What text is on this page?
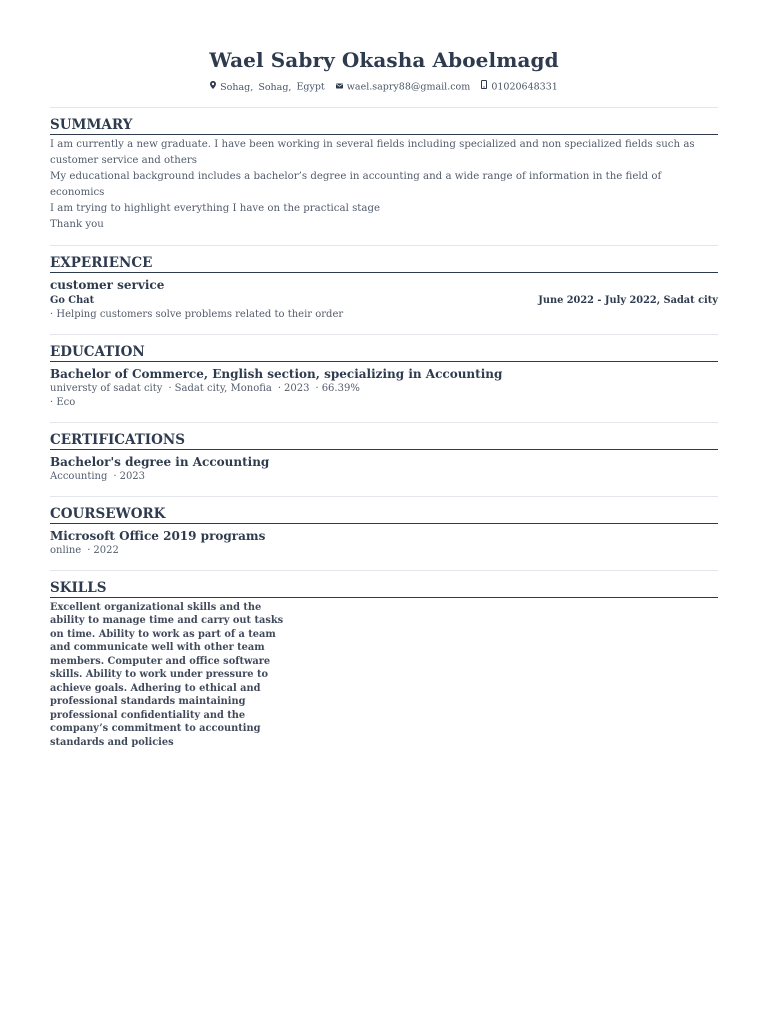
Wael Sabry Okasha Aboelmagd
Sohag, Sohag, Egypt wael.sapry88@gmail.com 01020648331
SUMMARY
I am currently a new graduate. I have been working in several fields including specialized and non specialized fields such as customer service and others
My educational background includes a bachelor’s degree in accounting and a wide range of information in the field of economics
I am trying to highlight everything I have on the practical stage
Thank you
EXPERIENCE
customer service
Go Chat	June 2022 - July 2022, Sadat city
· Helping customers solve problems related to their order
EDUCATION
Bachelor of Commerce, English section, specializing in Accounting
universty of sadat city · Sadat city, Monofia · 2023 · 66.39%
· Eco
CERTIFICATIONS
Bachelor's degree in Accounting
Accounting · 2023
COURSEWORK
Microsoft Office 2019 programs
online · 2022
SKILLS
Excellent organizational skills and the ability to manage time and carry out tasks on time. Ability to work as part of a team and communicate well with other team members. Computer and office software skills. Ability to work under pressure to achieve goals. Adhering to ethical and professional standards maintaining professional confidentiality and the company’s commitment to accounting standards and policies
